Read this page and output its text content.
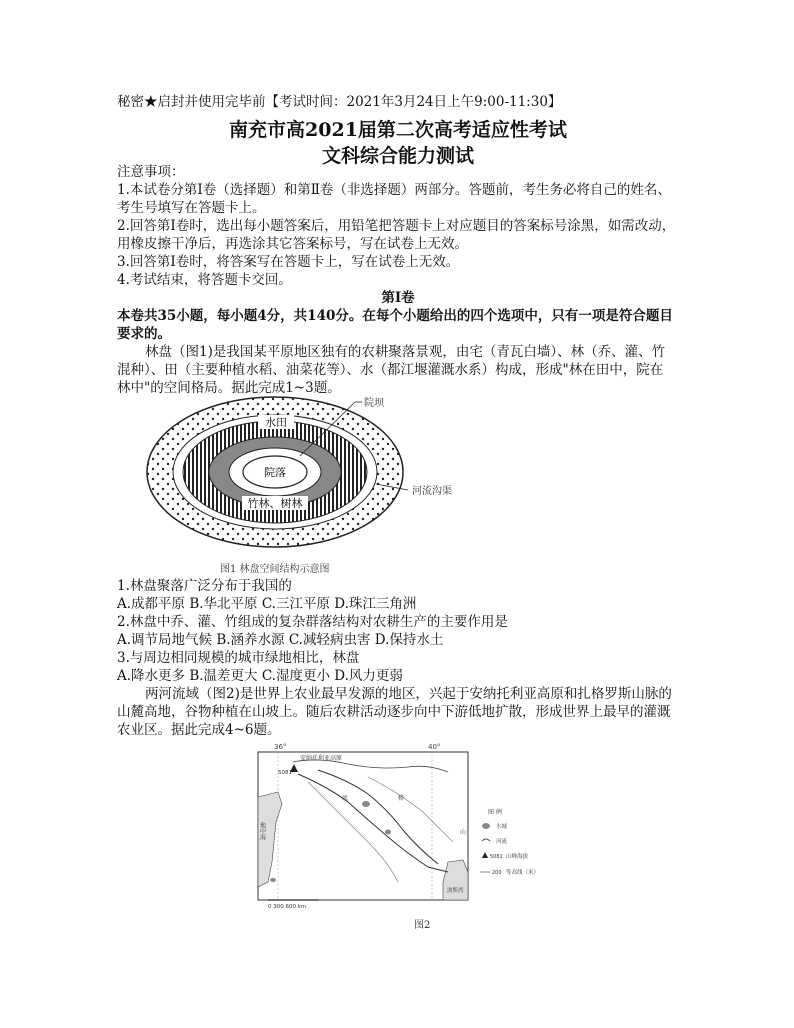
秘密★启封并使用完毕前【考试时间：2021年3月24日上午9:00-11:30】
南充市高2021届第二次高考适应性考试
文科综合能力测试
注意事项：
1.本试卷分第Ⅰ卷（选择题）和第Ⅱ卷（非选择题）两部分。答题前，考生务必将自己的姓名、
考生号填写在答题卡上。
2.回答第Ⅰ卷时，选出每小题答案后，用铅笔把答题卡上对应题目的答案标号涂黑，如需改动，
用橡皮擦干净后，再选涂其它答案标号，写在试卷上无效。
3.回答第Ⅰ卷时，将答案写在答题卡上，写在试卷上无效。
4.考试结束，将答题卡交回。
第Ⅰ卷
本卷共35小题，每小题4分，共140分。在每个小题给出的四个选项中，只有一项是符合题目
要求的。
林盘（图1)是我国某平原地区独有的农耕聚落景观，由宅（青瓦白墙）、林（乔、灌、竹
混种）、田（主要种植水稻、油菜花等）、水（都江堰灌溉水系）构成，形成"林在田中，院在
林中"的空间格局。据此完成1~3题。
水田
院落
竹林、树林
院坝
河流沟渠
图1 林盘空间结构示意图
1.林盘聚落广泛分布于我国的
A.成都平原 B.华北平原 C.三江平原 D.珠江三角洲
2.林盘中乔、灌、竹组成的复杂群落结构对农耕生产的主要作用是
A.调节局地气候 B.涵养水源 C.减轻病虫害 D.保持水土
3.与周边相同规模的城市绿地相比，林盘
A.降水更多 B.温差更大 C.湿度更小 D.风力更弱
两河流域（图2)是世界上农业最早发源的地区，兴起于安纳托利亚高原和扎格罗斯山脉的
山麓高地，谷物种植在山坡上。随后农耕活动逐步向中下游低地扩散，形成世界上最早的灌溉
农业区。据此完成4~6题。
36°	40°
安纳托利亚高原
5081
地中海
波斯湾
山
底	格
0 300 600 km
图 例
水城
河流
5081 山峰海拔
200 等高线（米）
图2
